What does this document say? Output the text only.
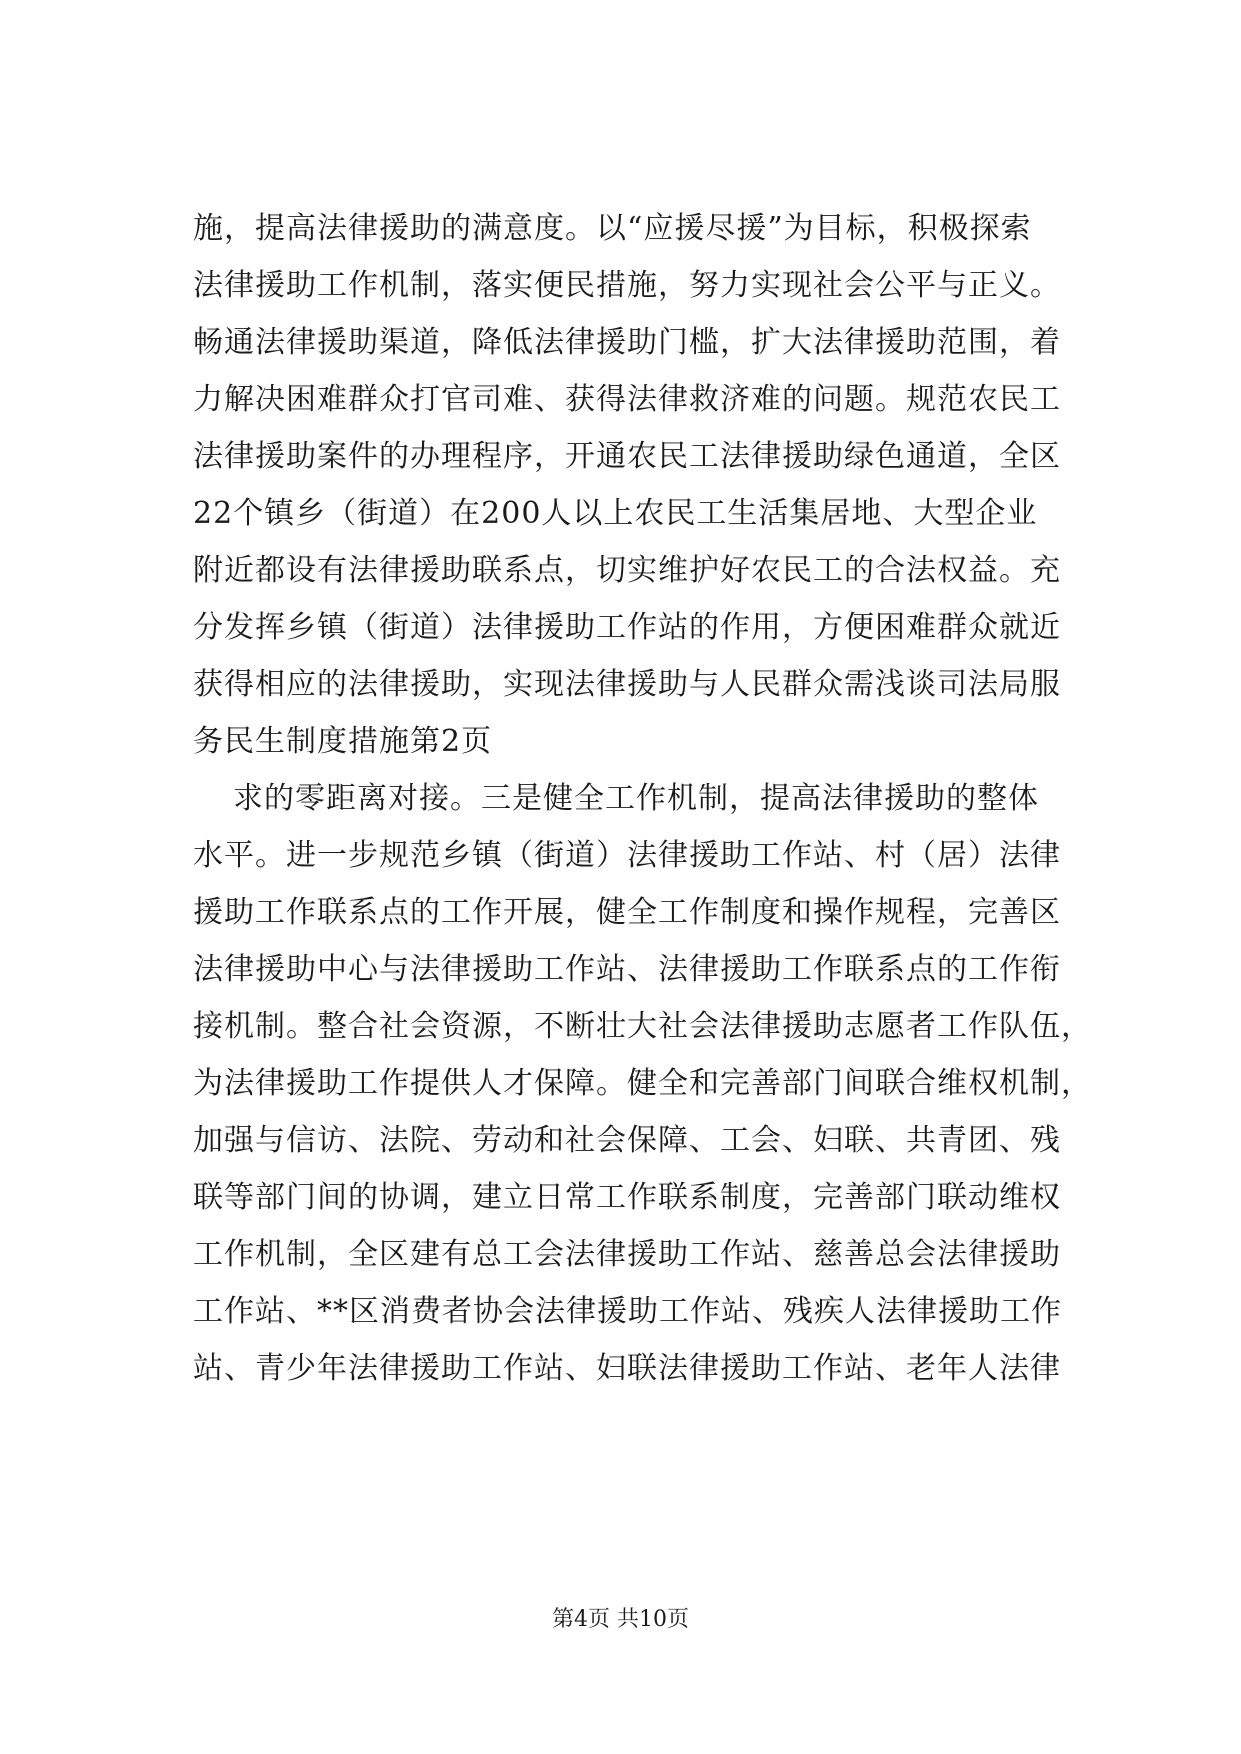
施，提高法律援助的满意度。以“应援尽援”为目标，积极探索
法律援助工作机制，落实便民措施，努力实现社会公平与正义。
畅通法律援助渠道，降低法律援助门槛，扩大法律援助范围，着
力解决困难群众打官司难、获得法律救济难的问题。规范农民工
法律援助案件的办理程序，开通农民工法律援助绿色通道，全区
22个镇乡（街道）在200人以上农民工生活集居地、大型企业
附近都设有法律援助联系点，切实维护好农民工的合法权益。充
分发挥乡镇（街道）法律援助工作站的作用，方便困难群众就近
获得相应的法律援助，实现法律援助与人民群众需浅谈司法局服
务民生制度措施第2页
求的零距离对接。三是健全工作机制，提高法律援助的整体
水平。进一步规范乡镇（街道）法律援助工作站、村（居）法律
援助工作联系点的工作开展，健全工作制度和操作规程，完善区
法律援助中心与法律援助工作站、法律援助工作联系点的工作衔
接机制。整合社会资源，不断壮大社会法律援助志愿者工作队伍，
为法律援助工作提供人才保障。健全和完善部门间联合维权机制，
加强与信访、法院、劳动和社会保障、工会、妇联、共青团、残
联等部门间的协调，建立日常工作联系制度，完善部门联动维权
工作机制，全区建有总工会法律援助工作站、慈善总会法律援助
工作站、**区消费者协会法律援助工作站、残疾人法律援助工作
站、青少年法律援助工作站、妇联法律援助工作站、老年人法律
第4页 共10页
